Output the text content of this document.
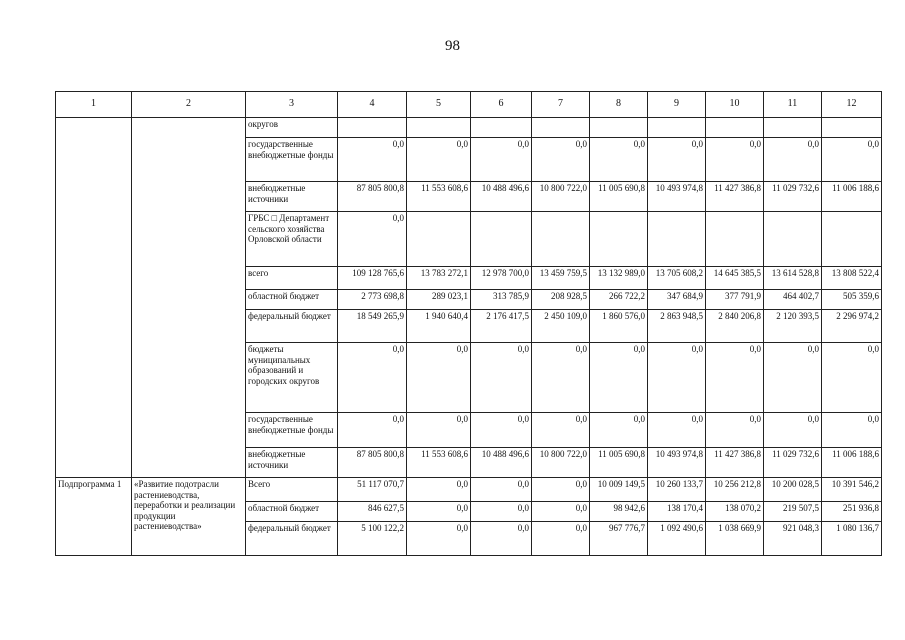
98
1	2	3	4	5	6	7	8	9	10	11	12
		округов									
		государственные внебюджетные фонды	0,0	0,0	0,0	0,0	0,0	0,0	0,0	0,0	0,0
		внебюджетные источники	87 805 800,8	11 553 608,6	10 488 496,6	10 800 722,0	11 005 690,8	10 493 974,8	11 427 386,8	11 029 732,6	11 006 188,6
		ГРБС □ Департамент сельского хозяйства Орловской области	0,0								
		всего	109 128 765,6	13 783 272,1	12 978 700,0	13 459 759,5	13 132 989,0	13 705 608,2	14 645 385,5	13 614 528,8	13 808 522,4
		областной бюджет	2 773 698,8	289 023,1	313 785,9	208 928,5	266 722,2	347 684,9	377 791,9	464 402,7	505 359,6
		федеральный бюджет	18 549 265,9	1 940 640,4	2 176 417,5	2 450 109,0	1 860 576,0	2 863 948,5	2 840 206,8	2 120 393,5	2 296 974,2
		бюджеты муниципальных образований и городских округов	0,0	0,0	0,0	0,0	0,0	0,0	0,0	0,0	0,0
		государственные внебюджетные фонды	0,0	0,0	0,0	0,0	0,0	0,0	0,0	0,0	0,0
		внебюджетные источники	87 805 800,8	11 553 608,6	10 488 496,6	10 800 722,0	11 005 690,8	10 493 974,8	11 427 386,8	11 029 732,6	11 006 188,6
Подпрограмма 1	«Развитие подотрасли растениеводства, переработки и реализации продукции растениеводства»	Всего	51 117 070,7	0,0	0,0	0,0	10 009 149,5	10 260 133,7	10 256 212,8	10 200 028,5	10 391 546,2
		областной бюджет	846 627,5	0,0	0,0	0,0	98 942,6	138 170,4	138 070,2	219 507,5	251 936,8
		федеральный бюджет	5 100 122,2	0,0	0,0	0,0	967 776,7	1 092 490,6	1 038 669,9	921 048,3	1 080 136,7
